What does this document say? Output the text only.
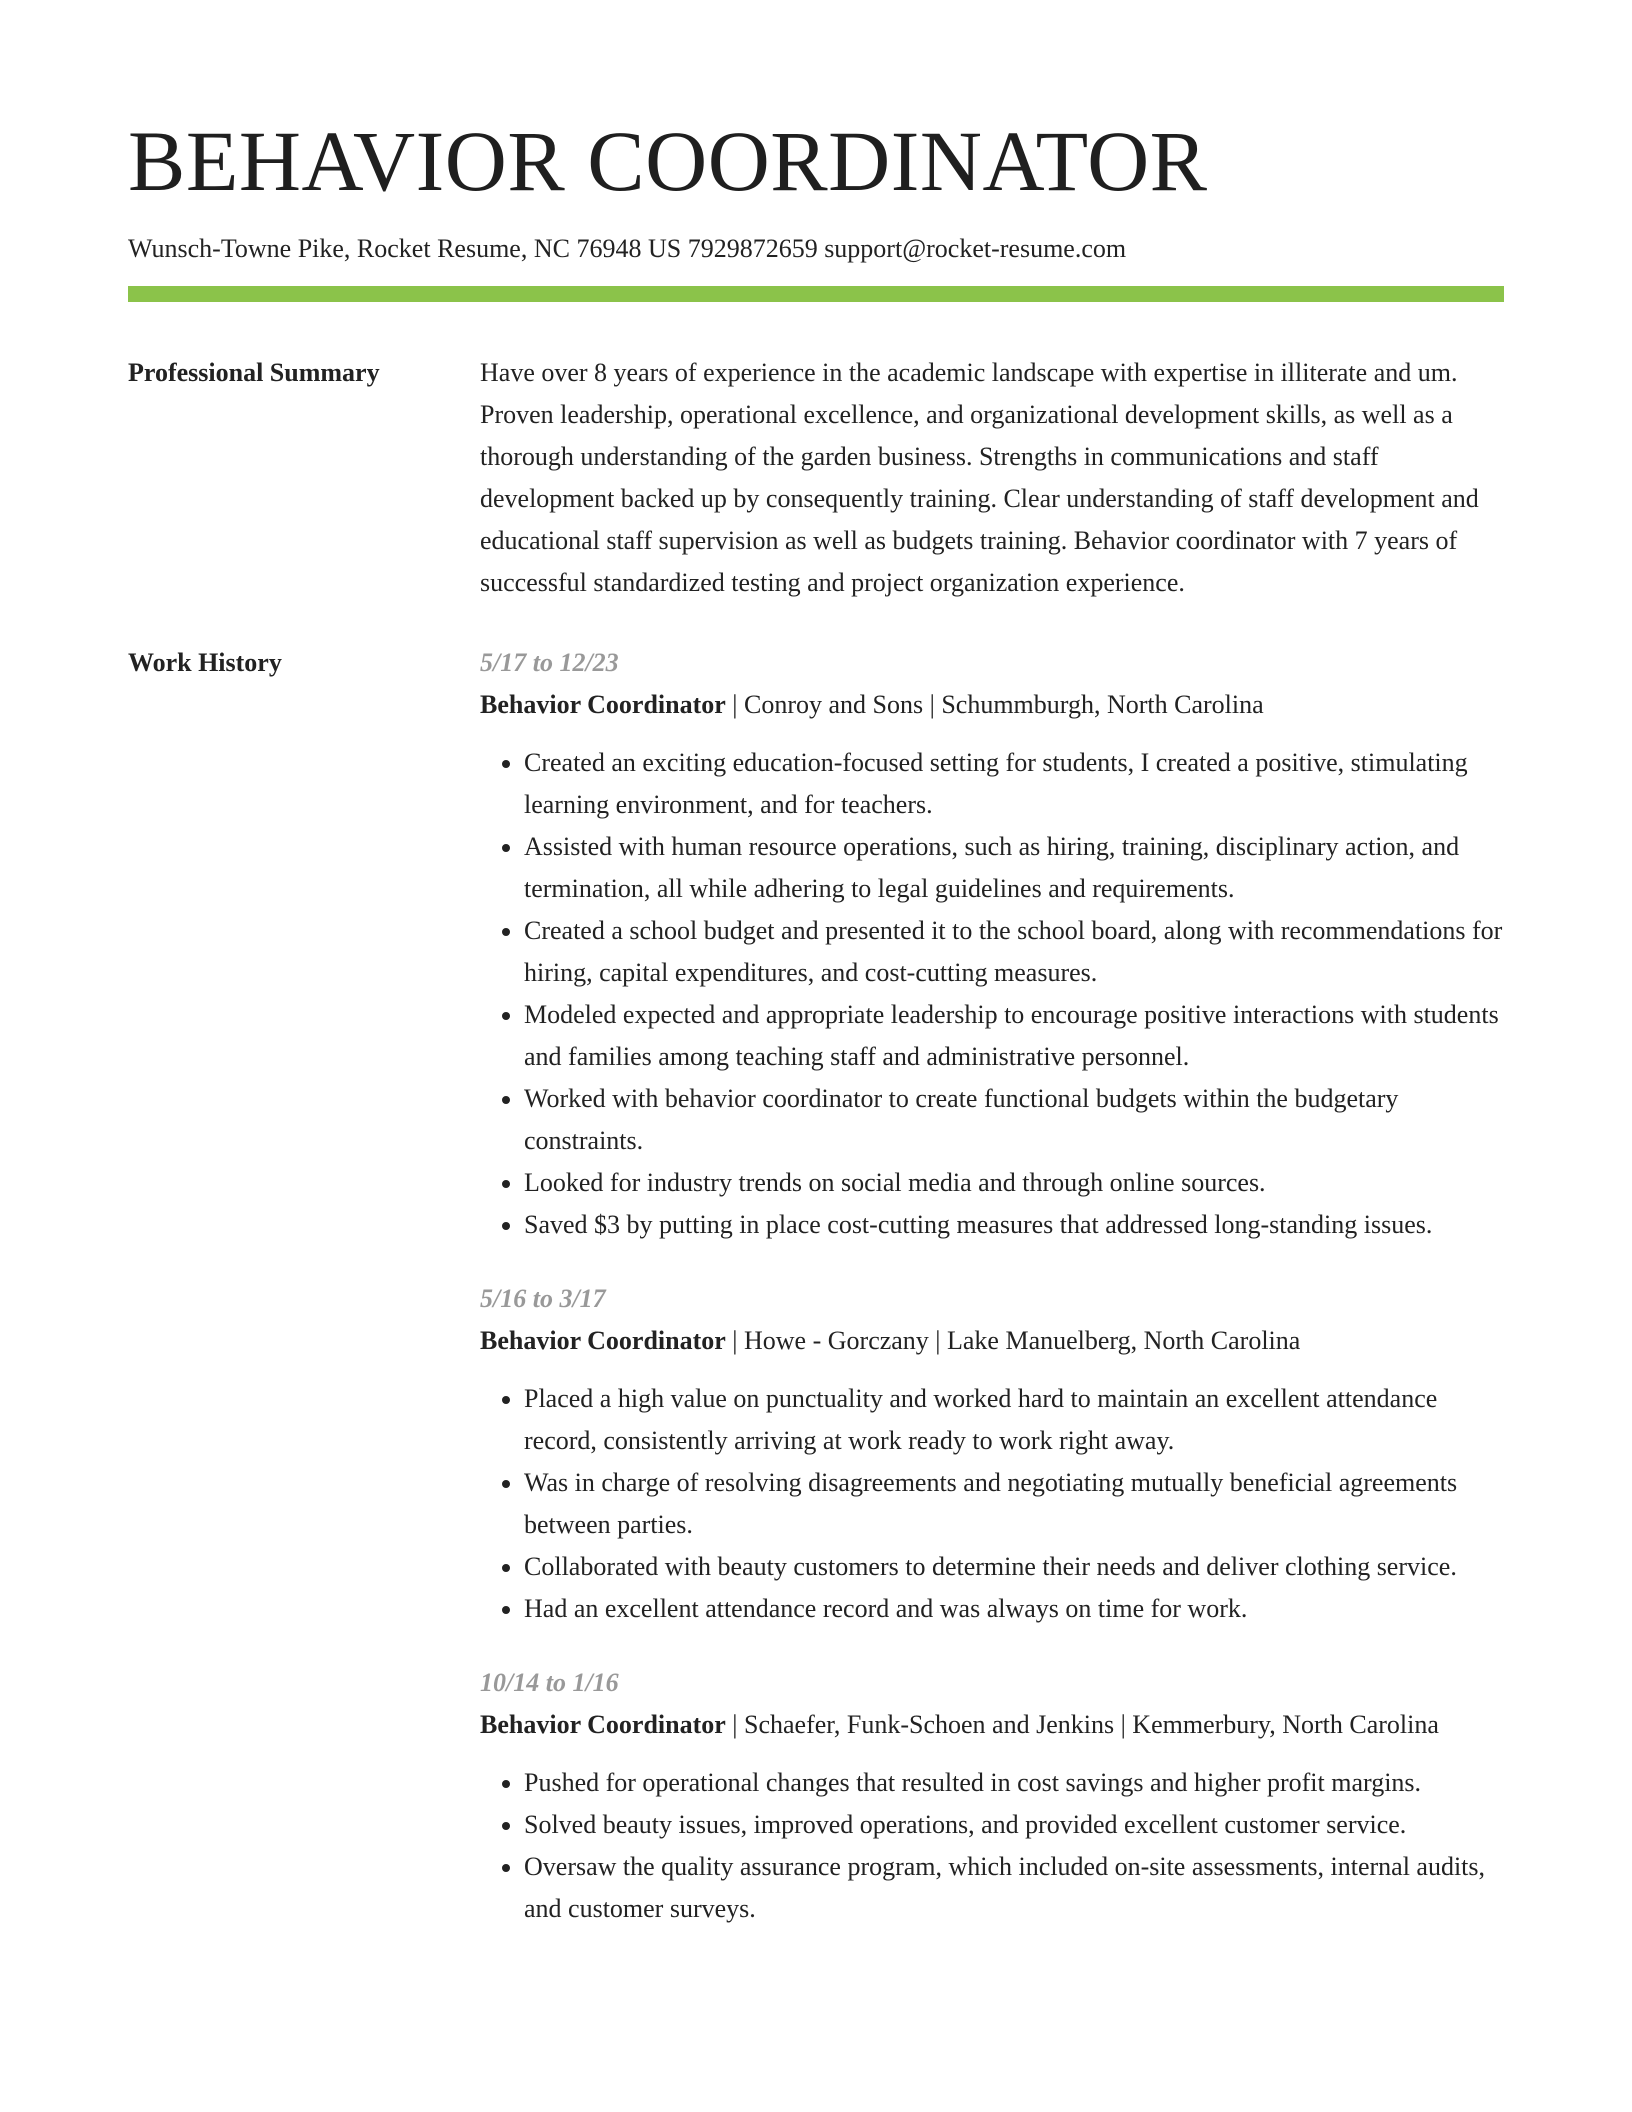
BEHAVIOR COORDINATOR
Wunsch-Towne Pike, Rocket Resume, NC 76948 US 7929872659 support@rocket-resume.com
Professional Summary	Have over 8 years of experience in the academic landscape with expertise in illiterate and um. Proven leadership, operational excellence, and organizational development skills, as well as a thorough understanding of the garden business. Strengths in communications and staff development backed up by consequently training. Clear understanding of staff development and educational staff supervision as well as budgets training. Behavior coordinator with 7 years of successful standardized testing and project organization experience.

Work History	5/17 to 12/23
Behavior Coordinator | Conroy and Sons | Schummburgh, North Carolina
• Created an exciting education-focused setting for students, I created a positive, stimulating learning environment, and for teachers.
• Assisted with human resource operations, such as hiring, training, disciplinary action, and termination, all while adhering to legal guidelines and requirements.
• Created a school budget and presented it to the school board, along with recommendations for hiring, capital expenditures, and cost-cutting measures.
• Modeled expected and appropriate leadership to encourage positive interactions with students and families among teaching staff and administrative personnel.
• Worked with behavior coordinator to create functional budgets within the budgetary constraints.
• Looked for industry trends on social media and through online sources.
• Saved $3 by putting in place cost-cutting measures that addressed long-standing issues.
5/16 to 3/17
Behavior Coordinator | Howe - Gorczany | Lake Manuelberg, North Carolina
• Placed a high value on punctuality and worked hard to maintain an excellent attendance record, consistently arriving at work ready to work right away.
• Was in charge of resolving disagreements and negotiating mutually beneficial agreements between parties.
• Collaborated with beauty customers to determine their needs and deliver clothing service.
• Had an excellent attendance record and was always on time for work.
10/14 to 1/16
Behavior Coordinator | Schaefer, Funk-Schoen and Jenkins | Kemmerbury, North Carolina
• Pushed for operational changes that resulted in cost savings and higher profit margins.
• Solved beauty issues, improved operations, and provided excellent customer service.
• Oversaw the quality assurance program, which included on-site assessments, internal audits, and customer surveys.
